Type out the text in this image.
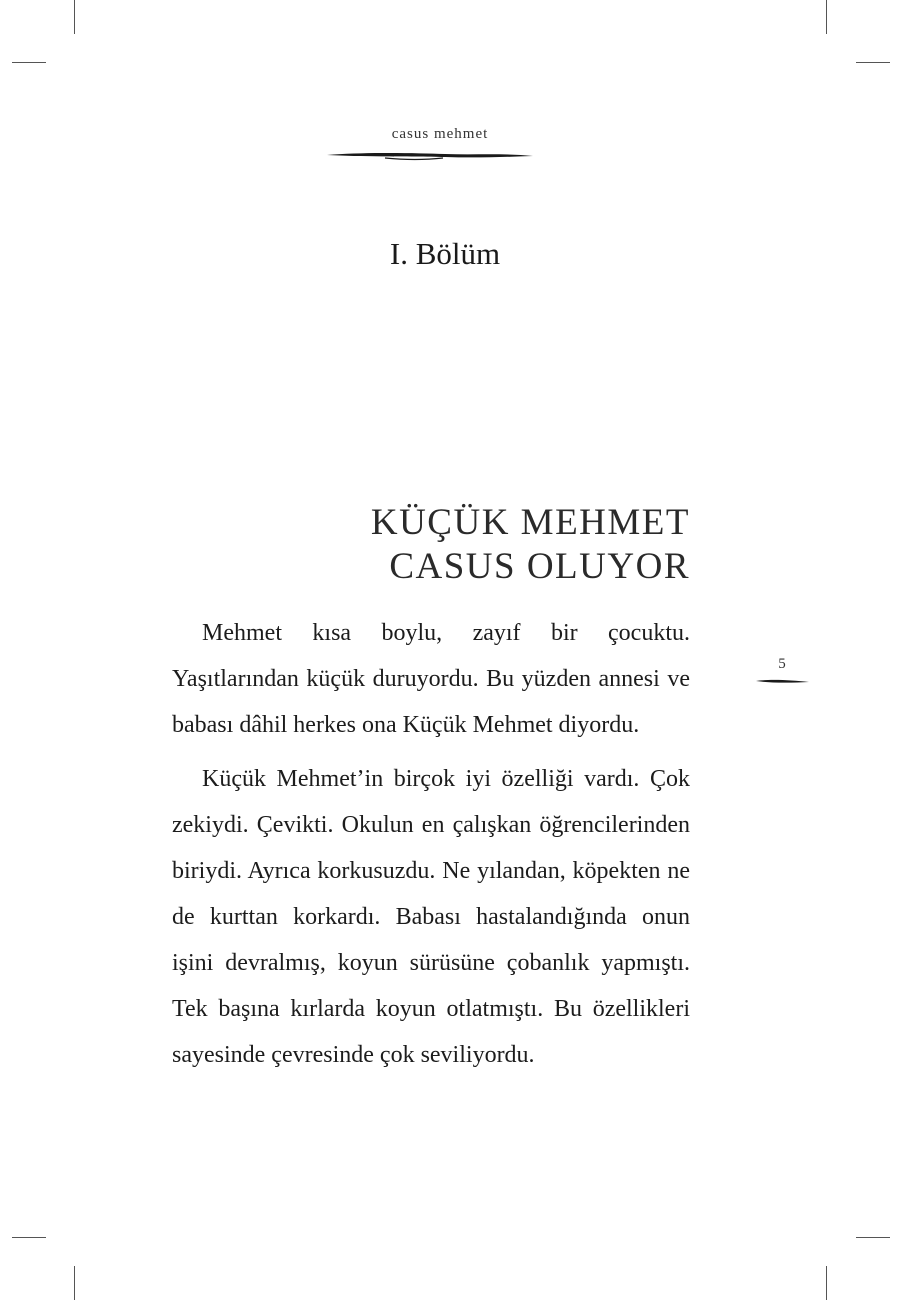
casus mehmet
I. Bölüm
KÜÇÜK MEHMET
CASUS OLUYOR

Mehmet kısa boylu, zayıf bir çocuktu. Yaşıtlarından küçük duruyordu. Bu yüzden annesi ve babası dâhil herkes ona Küçük Mehmet diyordu.

Küçük Mehmet’in birçok iyi özelliği vardı. Çok zekiydi. Çevikti. Okulun en çalışkan öğrencilerinden biriydi. Ayrıca korkusuzdu. Ne yılandan, köpekten ne de kurttan korkardı. Babası hastalandığında onun işini devralmış, koyun sürüsüne çobanlık yapmıştı. Tek başına kırlarda koyun otlatmıştı. Bu özellikleri sayesinde çevresinde çok seviliyordu.

5
